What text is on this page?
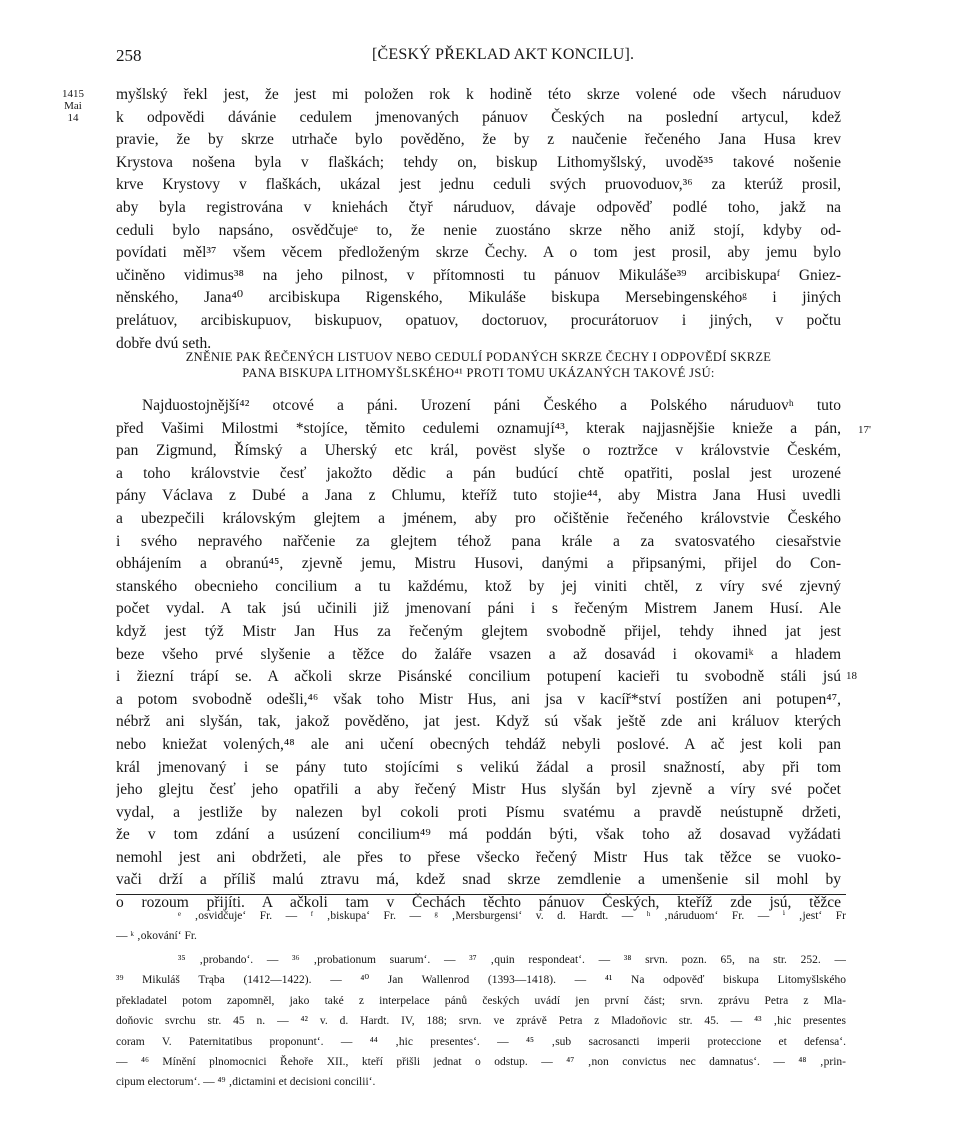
258	[ČESKÝ PŘEKLAD AKT KONCILU].
1415
Mai 14
myšlský řekl jest, že jest mi položen rok k hodině této skrze volené ode všech náruduov
k odpovědi dávánie cedulem jmenovaných pánuov Českých na poslední artycul, kdež
pravie, že by skrze utrhače bylo pověděno, že by z naučenie řečeného Jana Husa krev
Krystova nošena byla v flaškách; tehdy on, biskup Lithomyšlský, uvodě³⁵ takové nošenie
krve Krystovy v flaškách, ukázal jest jednu ceduli svých pruovoduov,³⁶ za kterúž prosil,
aby byla registrována v kniehách čtyř náruduov, dávaje odpověď podlé toho, jakž na
ceduli bylo napsáno, osvědčujeᵉ to, že nenie zuostáno skrze něho aniž stojí, kdyby od-
povídati měl³⁷ všem věcem předloženým skrze Čechy. A o tom jest prosil, aby jemu bylo
učiněno vidimus³⁸ na jeho pilnost, v přítomnosti tu pánuov Mikuláše³⁹ arcibiskupaᶠ Gniez-
něnského, Jana⁴⁰ arcibiskupa Rigenského, Mikuláše biskupa Mersebingenskéhoᵍ i jiných
prelátuov, arcibiskupuov, biskupuov, opatuov, doctoruov, procurátoruov i jiných, v počtu
dobře dvú seth.
ZNĚNIE PAK ŘEČENÝCH LISTUOV NEBO CEDULÍ PODANÝCH SKRZE ČECHY I ODPOVĚDÍ SKRZE
PANA BISKUPA LITHOMYŠLSKÉHO⁴¹ PROTI TOMU UKÁZANÝCH TAKOVÉ JSÚ:
Najduostojnější⁴² otcové a páni. Urození páni Českého a Polského náruduovʰ tuto
před Vašimi Milostmi *stojíce, těmito cedulemi oznamují⁴³, kterak najjasnějšie knieže a pán,
pan Zigmund, Římský a Uherský etc král, povëst slyše o roztržce v královstvie Českém,
a toho královstvie česť jakožto dědic a pán budúcí chtě opatřiti, poslal jest urozené
pány Václava z Dubé a Jana z Chlumu, kteříž tuto stojie⁴⁴, aby Mistra Jana Husi uvedli
a ubezpečili královským glejtem a jménem, aby pro očištěnie řečeného královstvie Českého
i svého nepravého nařčenie za glejtem téhož pana krále a za svatosvatého ciesařstvie
obhájením a obranú⁴⁵, zjevně jemu, Mistru Husovi, danými a připsanými, přijel do Con-
stanského obecnieho concilium a tu každému, ktož by jej viniti chtěl, z víry své zjevný
počet vydal. A tak jsú učinili již jmenovaní páni i s řečeným Mistrem Janem Husí. Ale
když jest týž Mistr Jan Hus za řečeným glejtem svobodně přijel, tehdy ihned jat jest
beze všeho prvé slyšenie a těžce do žaláře vsazen a až dosavád i okovamiᵏ a hladem
i žiezní trápí se. A ačkoli skrze Pisánské concilium potupení kacieři tu svobodně stáli jsú
a potom svobodně odešli,⁴⁶ však toho Mistr Hus, ani jsa v kacíř*ství postížen ani potupen⁴⁷,
nébrž ani slyšán, tak, jakož pověděno, jat jest. Když sú však ještě zde ani králuov kterých
nebo kniežat volených,⁴⁸ ale ani učení obecných tehdáž nebyli poslové. A ač jest koli pan
král jmenovaný i se pány tuto stojícími s velikú žádal a prosil snažností, aby při tom
jeho glejtu česť jeho opatřili a aby řečený Mistr Hus slyšán byl zjevně a víry své počet
vydal, a jestliže by nalezen byl cokoli proti Písmu svatému a pravdě neústupně držeti,
že v tom zdání a usúzení concilium⁴⁹ má poddán býti, však toho až dosavad vyžádati
nemohl jest ani obdržeti, ale přes to přese všecko řečený Mistr Hus tak těžce se vuoko-
vači drží a příliš malú ztravu má, kdež snad skrze zemdlenie a umenšenie sil mohl by
o rozoum přijíti. A ačkoli tam v Čechách těchto pánuov Českých, kteříž zde jsú, těžce
17'
18
ᵉ ‚osvidčuje‘ Fr. — ᶠ ‚biskupa‘ Fr. — ᵍ ‚Mersburgensi‘ v. d. Hardt. — ʰ ‚náruduom‘ Fr. — ⁱ ‚jest‘ Fr
— ᵏ ‚okování‘ Fr.
³⁵ ‚probando‘. — ³⁶ ‚probationum suarum‘. — ³⁷ ‚quin respondeat‘. — ³⁸ srvn. pozn. 65, na str. 252. —
³⁹ Mikuláš Trąba (1412—1422). — ⁴⁰ Jan Wallenrod (1393—1418). — ⁴¹ Na odpověď biskupa Litomyšlského
překladatel potom zapomněl, jako také z interpelace pánů českých uvádí jen první část; srvn. zprávu Petra z Mla-
doňovic svrchu str. 45 n. — ⁴² v. d. Hardt. IV, 188; srvn. ve zprávě Petra z Mladoňovic str. 45. — ⁴³ ‚hic presentes
coram V. Paternitatibus proponunt‘. — ⁴⁴ ‚hic presentes‘. — ⁴⁵ ‚sub sacrosancti imperii proteccione et defensa‘.
— ⁴⁶ Mínění plnomocnici Řehoře XII., kteří přišli jednat o odstup. — ⁴⁷ ‚non convictus nec damnatus‘. — ⁴⁸ ‚prin-
cipum electorum‘. — ⁴⁹ ‚dictamini et decisioni concilii‘.
